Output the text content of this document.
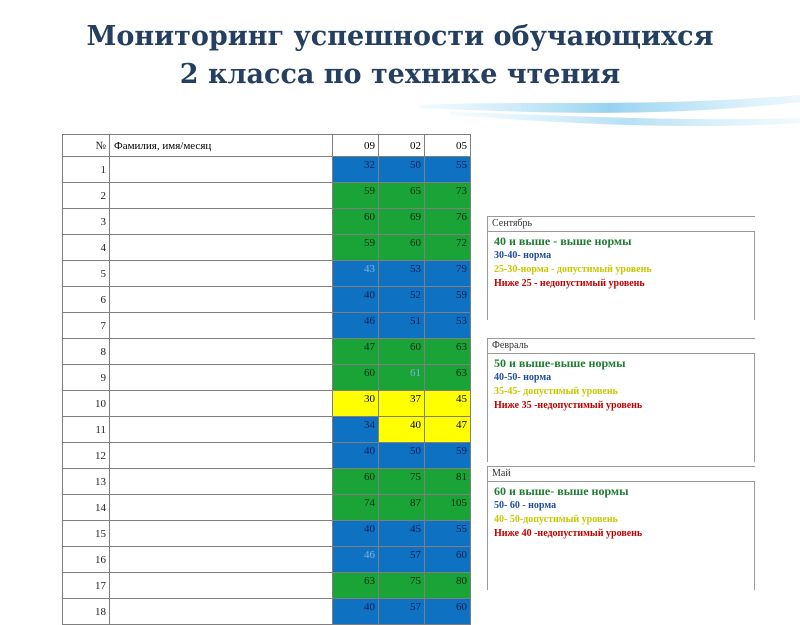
Мониторинг успешности обучающихся
2 класса по технике чтения
№	Фамилия, имя/месяц	09	02	05
1		32	50	55
2		59	65	73
3		60	69	76
4		59	60	72
5		43	53	79
6		40	52	59
7		46	51	53
8		47	60	63
9		60	61	63
10		30	37	45
11		34	40	47
12		40	50	59
13		60	75	81
14		74	87	105
15		40	45	55
16		46	57	60
17		63	75	80
18		40	57	60
Сентябрь
40 и выше - выше нормы
30-40- норма
25-30-норма - допустимый уровень
Ниже 25 - недопустимый уровень
Февраль
50 и выше-выше нормы
40-50- норма
35-45- допустимый уровень
Ниже 35 -недопустимый уровень
Май
60 и выше- выше нормы
50- 60 - норма
40- 50-допустимый уровень
Ниже 40 -недопустимый уровень
